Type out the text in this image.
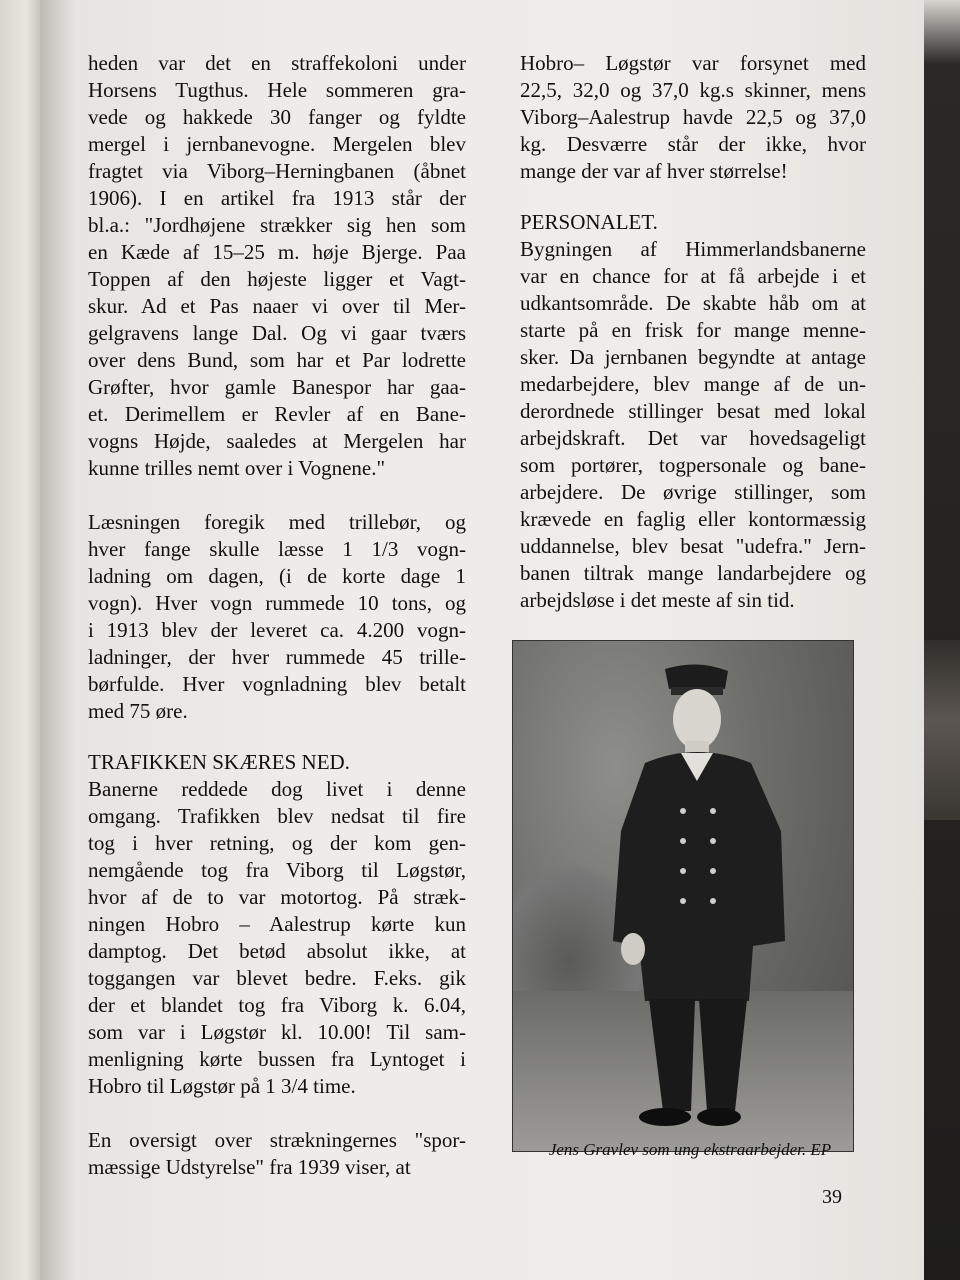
heden var det en straffekoloni under
Horsens Tugthus. Hele sommeren gra-
vede og hakkede 30 fanger og fyldte
mergel i jernbanevogne. Mergelen blev
fragtet via Viborg–Herningbanen (åbnet
1906). I en artikel fra 1913 står der
bl.a.: "Jordhøjene strækker sig hen som
en Kæde af 15–25 m. høje Bjerge. Paa
Toppen af den højeste ligger et Vagt-
skur. Ad et Pas naaer vi over til Mer-
gelgravens lange Dal. Og vi gaar tværs
over dens Bund, som har et Par lodrette
Grøfter, hvor gamle Banespor har gaa-
et. Derimellem er Revler af en Bane-
vogns Højde, saaledes at Mergelen har
kunne trilles nemt over i Vognene."
Læsningen foregik med trillebør, og
hver fange skulle læsse 1 1/3 vogn-
ladning om dagen, (i de korte dage 1
vogn). Hver vogn rummede 10 tons, og
i 1913 blev der leveret ca. 4.200 vogn-
ladninger, der hver rummede 45 trille-
børfulde. Hver vognladning blev betalt
med 75 øre.
TRAFIKKEN SKÆRES NED.
Banerne reddede dog livet i denne
omgang. Trafikken blev nedsat til fire
tog i hver retning, og der kom gen-
nemgående tog fra Viborg til Løgstør,
hvor af de to var motortog. På stræk-
ningen Hobro – Aalestrup kørte kun
damptog. Det betød absolut ikke, at
toggangen var blevet bedre. F.eks. gik
der et blandet tog fra Viborg k. 6.04,
som var i Løgstør kl. 10.00! Til sam-
menligning kørte bussen fra Lyntoget i
Hobro til Løgstør på 1 3/4 time.
En oversigt over strækningernes "spor-
mæssige Udstyrelse" fra 1939 viser, at
Hobro– Løgstør var forsynet med
22,5, 32,0 og 37,0 kg.s skinner, mens
Viborg–Aalestrup havde 22,5 og 37,0
kg. Desværre står der ikke, hvor
mange der var af hver størrelse!
PERSONALET.
Bygningen af Himmerlandsbanerne
var en chance for at få arbejde i et
udkantsområde. De skabte håb om at
starte på en frisk for mange menne-
sker. Da jernbanen begyndte at antage
medarbejdere, blev mange af de un-
derordnede stillinger besat med lokal
arbejdskraft. Det var hovedsageligt
som portører, togpersonale og bane-
arbejdere. De øvrige stillinger, som
krævede en faglig eller kontormæssig
uddannelse, blev besat "udefra." Jern-
banen tiltrak mange landarbejdere og
arbejdsløse i det meste af sin tid.
Jens Gravlev som ung ekstraarbejder. EP
39
